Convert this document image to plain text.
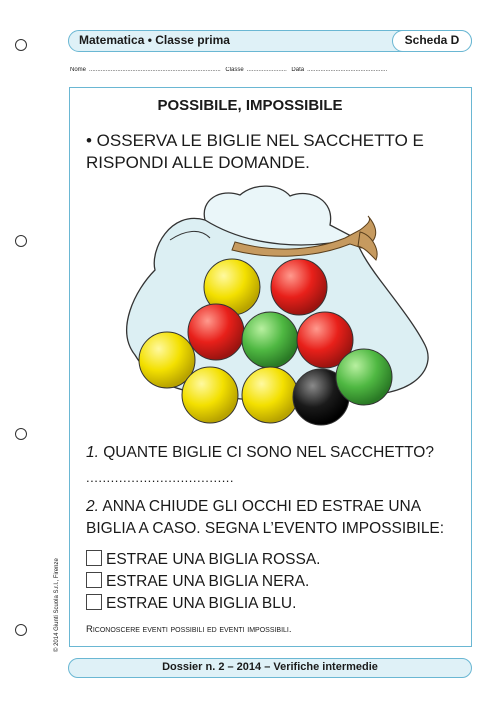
Matematica • Classe prima	Scheda D
Nome ............................................................................... Classe ........................ Data ................................................
POSSIBILE, IMPOSSIBILE
• OSSERVA LE BIGLIE NEL SACCHETTO E RISPONDI ALLE DOMANDE.
1. QUANTE BIGLIE CI SONO NEL SACCHETTO?
....................................
2. ANNA CHIUDE GLI OCCHI ED ESTRAE UNA BIGLIA A CASO. SEGNA L’EVENTO IMPOSSIBILE:
ESTRAE UNA BIGLIA ROSSA.
ESTRAE UNA BIGLIA NERA.
ESTRAE UNA BIGLIA BLU.
Riconoscere eventi possibili ed eventi impossibili.
Dossier n. 2 – 2014 – Verifiche intermedie
© 2014 Giunti Scuola S.r.l., Firenze
